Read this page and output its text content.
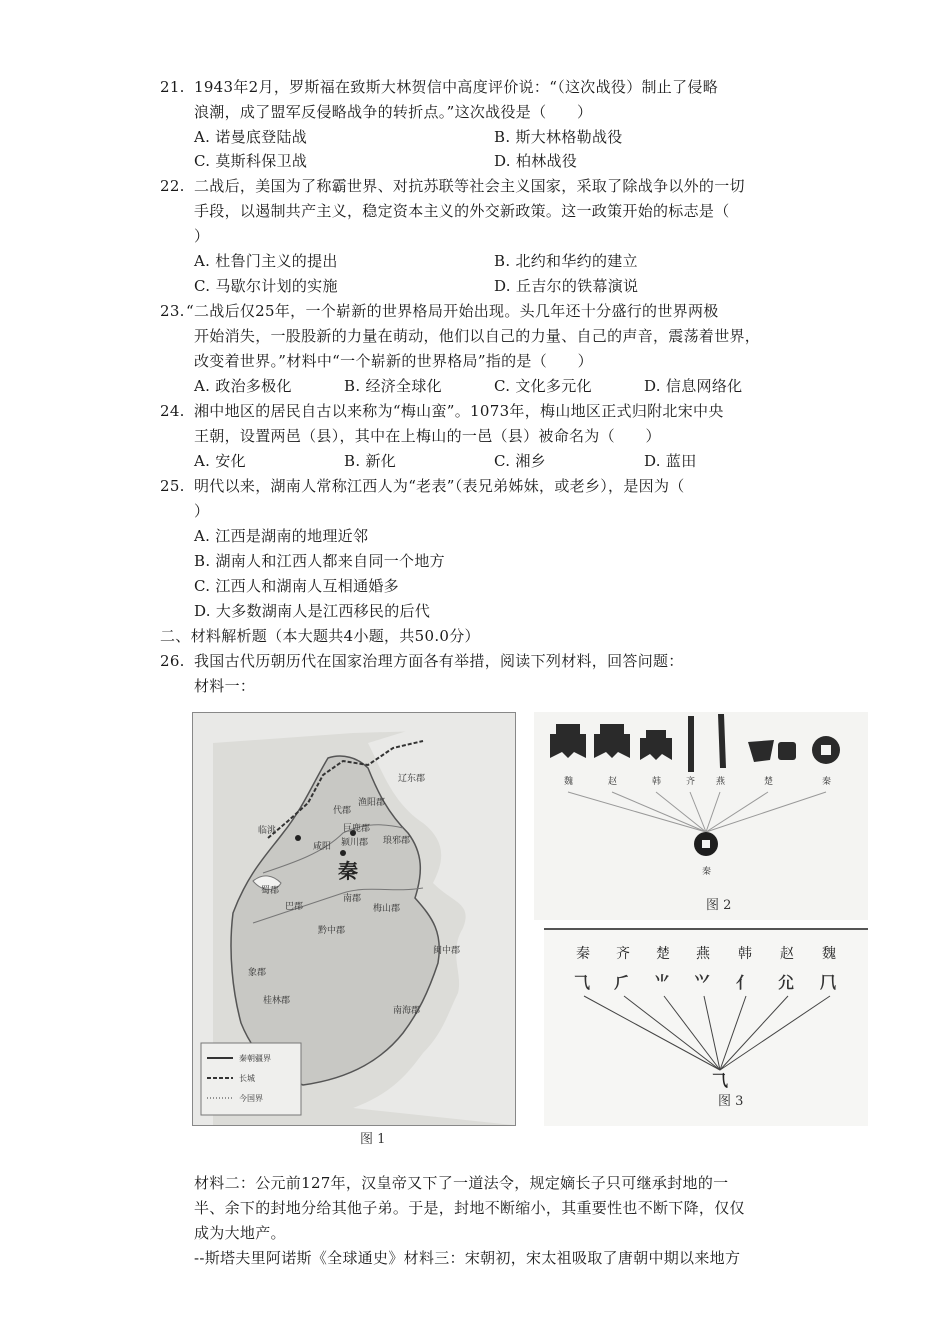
21. 1943年2月，罗斯福在致斯大林贺信中高度评价说：“（这次战役）制止了侵略
浪潮，成了盟军反侵略战争的转折点。”这次战役是（　　）
A. 诺曼底登陆战	B. 斯大林格勒战役
C. 莫斯科保卫战	D. 柏林战役
22. 二战后，美国为了称霸世界、对抗苏联等社会主义国家，采取了除战争以外的一切
手段，以遏制共产主义，稳定资本主义的外交新政策。这一政策开始的标志是（
）
A. 杜鲁门主义的提出	B. 北约和华约的建立
C. 马歇尔计划的实施	D. 丘吉尔的铁幕演说
23. “二战后仅25年，一个崭新的世界格局开始出现。头几年还十分盛行的世界两极
开始消失，一股股新的力量在萌动，他们以自己的力量、自己的声音，震荡着世界，
改变着世界。”材料中“一个崭新的世界格局”指的是（　　）
A. 政治多极化	B. 经济全球化	C. 文化多元化	D. 信息网络化
24. 湘中地区的居民自古以来称为“梅山蛮”。1073年，梅山地区正式归附北宋中央
王朝，设置两邑（县），其中在上梅山的一邑（县）被命名为（　　）
A. 安化	B. 新化	C. 湘乡	D. 蓝田
25. 明代以来，湖南人常称江西人为“老表”（表兄弟姊妹，或老乡），是因为（
）
A. 江西是湖南的地理近邻
B. 湖南人和江西人都来自同一个地方
C. 江西人和湖南人互相通婚多
D. 大多数湖南人是江西移民的后代
二、材料解析题（本大题共4小题，共50.0分）
26. 我国古代历朝历代在国家治理方面各有举措，阅读下列材料，回答问题：
材料一：
秦
辽东郡
渔阳郡
代郡
巨鹿郡
琅邪郡
咸阳 颍川郡
临洮
南郡
巴郡
蜀郡
黔中郡
梅山郡
闽中郡
桂林郡
南海郡
象郡
秦朝疆界
长城
今国界
图 1
魏	赵	韩	齐 燕	楚	秦
秦
图 2
秦 齐 楚 燕 韩 赵 魏
⺄ ⺁ ⺌ ⺍ ⺅ ⺏ ⺇
⺄
图 3
材料二：公元前127年，汉皇帝又下了一道法令，规定嫡长子只可继承封地的一
半、余下的封地分给其他子弟。于是，封地不断缩小，其重要性也不断下降，仅仅
成为大地产。
--斯塔夫里阿诺斯《全球通史》材料三：宋朝初，宋太祖吸取了唐朝中期以来地方
